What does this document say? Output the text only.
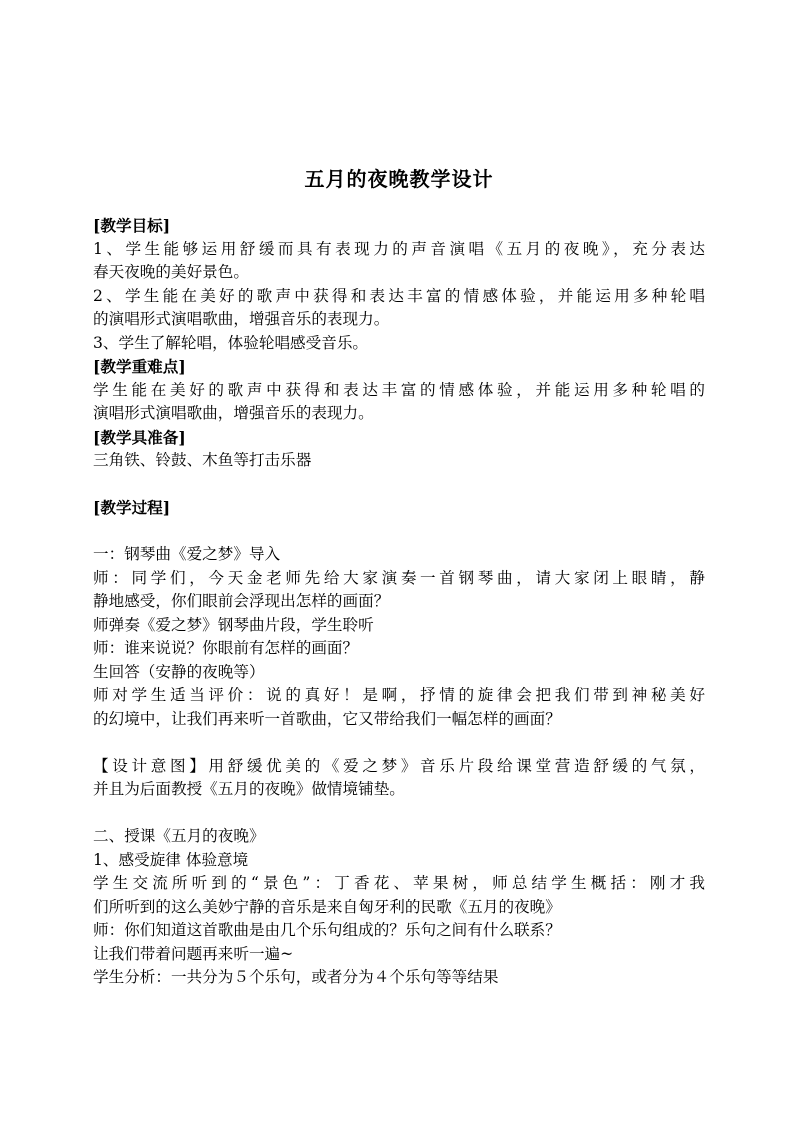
五月的夜晚教学设计
[教学目标]
1、学生能够运用舒缓而具有表现力的声音演唱《五月的夜晚》，充分表达
春天夜晚的美好景色。
2、学生能在美好的歌声中获得和表达丰富的情感体验，并能运用多种轮唱
的演唱形式演唱歌曲，增强音乐的表现力。
3、学生了解轮唱，体验轮唱感受音乐。
[教学重难点]
学生能在美好的歌声中获得和表达丰富的情感体验，并能运用多种轮唱的
演唱形式演唱歌曲，增强音乐的表现力。
[教学具准备]
三角铁、铃鼓、木鱼等打击乐器
[教学过程]
一：钢琴曲《爱之梦》导入
师：同学们，今天金老师先给大家演奏一首钢琴曲，请大家闭上眼睛，静
静地感受，你们眼前会浮现出怎样的画面？
师弹奏《爱之梦》钢琴曲片段，学生聆听
师：谁来说说？你眼前有怎样的画面？
生回答（安静的夜晚等）
师对学生适当评价：说的真好！是啊，抒情的旋律会把我们带到神秘美好
的幻境中，让我们再来听一首歌曲，它又带给我们一幅怎样的画面？
【设计意图】用舒缓优美的《爱之梦》音乐片段给课堂营造舒缓的气氛，
并且为后面教授《五月的夜晚》做情境铺垫。
二、授课《五月的夜晚》
1、感受旋律 体验意境
学生交流所听到的“景色”：丁香花、苹果树，师总结学生概括：刚才我
们所听到的这么美妙宁静的音乐是来自匈牙利的民歌《五月的夜晚》
师：你们知道这首歌曲是由几个乐句组成的？乐句之间有什么联系？
让我们带着问题再来听一遍~
学生分析：一共分为５个乐句，或者分为４个乐句等等结果
